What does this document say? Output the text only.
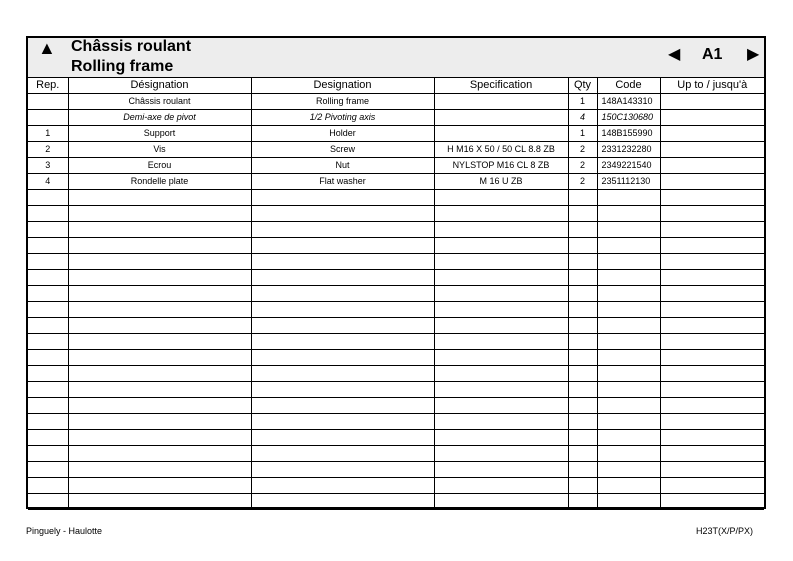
▲ Châssis roulant
Rolling frame
◀ A1 ▶
Rep.	Désignation	Designation	Specification	Qty	Code	Up to / jusqu'à
	Châssis roulant	Rolling frame		1	148A143310	
	Demi-axe de pivot	1/2 Pivoting axis		4	150C130680	
1	Support	Holder		1	148B155990	
2	Vis	Screw	H M16 X 50 / 50 CL 8.8 ZB	2	2331232280	
3	Ecrou	Nut	NYLSTOP M16 CL 8 ZB	2	2349221540	
4	Rondelle plate	Flat washer	M 16 U ZB	2	2351112130	

Pinguely - Haulotte	H23T(X/P/PX)
